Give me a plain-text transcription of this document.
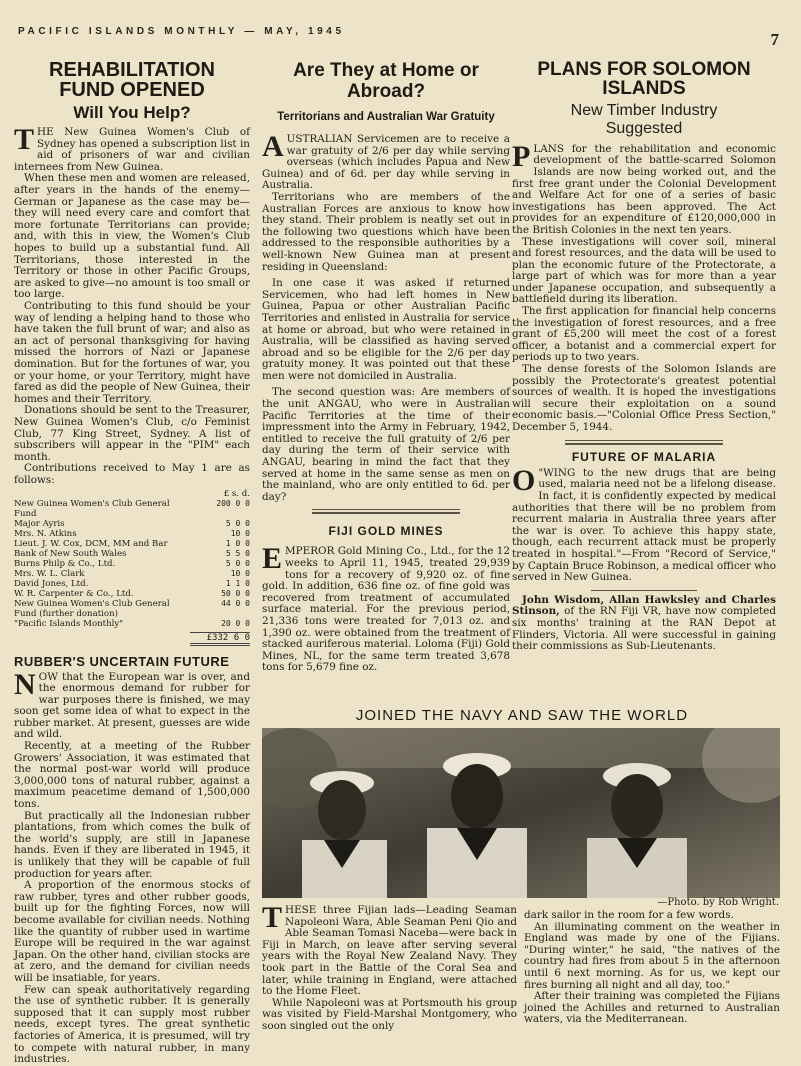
PACIFIC ISLANDS MONTHLY — MAY, 1945	7
REHABILITATION
FUND OPENED
Will You Help?

THE New Guinea Women's Club of Sydney has opened a subscription list in aid of prisoners of war and civilian internees from New Guinea.

When these men and women are released, after years in the hands of the enemy—German or Japanese as the case may be—they will need every care and comfort that more fortunate Territorians can provide; and, with this in view, the Women's Club hopes to build up a substantial fund. All Territorians, those interested in the Territory or those in other Pacific Groups, are asked to give—no amount is too small or too large.

Contributing to this fund should be your way of lending a helping hand to those who have taken the full brunt of war; and also as an act of personal thanksgiving for having missed the horrors of Nazi or Japanese domination. But for the fortunes of war, you or your home, or your Territory, might have fared as did the people of New Guinea, their homes and their Territory.

Donations should be sent to the Treasurer, New Guinea Women's Club, c/o Feminist Club, 77 King Street, Sydney. A list of subscribers will appear in the "PIM" each month.

Contributions received to May 1 are as follows:

£ s. d.
New Guinea Women's Club General Fund	200 0 0
Major Ayris	5 0 0
Mrs. N. Atkins	10 0
Lieut. J. W. Cox, DCM, MM and Bar	1 0 0
Bank of New South Wales	5 5 0
Burns Philp & Co., Ltd.	5 0 0
Mrs. W. L. Clark	10 0
David Jones, Ltd.	1 1 0
W. R. Carpenter & Co., Ltd.	50 0 0
New Guinea Women's Club General Fund (further donation)	44 0 0
"Pacific Islands Monthly"	20 0 0
£332 6 0
RUBBER'S UNCERTAIN FUTURE

NOW that the European war is over, and the enormous demand for rubber for war purposes there is finished, we may soon get some idea of what to expect in the rubber market. At present, guesses are wide and wild.

Recently, at a meeting of the Rubber Growers' Association, it was estimated that the normal post-war world will produce 3,000,000 tons of natural rubber, against a maximum peacetime demand of 1,500,000 tons.

But practically all the Indonesian rubber plantations, from which comes the bulk of the world's supply, are still in Japanese hands. Even if they are liberated in 1945, it is unlikely that they will be capable of full production for years after.

A proportion of the enormous stocks of raw rubber, tyres and other rubber goods, built up for the fighting Forces, now will become available for civilian needs. Nothing like the quantity of rubber used in wartime Europe will be required in the war against Japan. On the other hand, civilian stocks are at zero, and the demand for civilian needs will be insatiable, for years.

Few can speak authoritatively regarding the use of synthetic rubber. It is generally supposed that it can supply most rubber needs, except tyres. The great synthetic factories of America, it is presumed, will try to compete with natural rubber, in many industries.

Are They at Home or Abroad?
Territorians and Australian War Gratuity

AUSTRALIAN Servicemen are to receive a war gratuity of 2/6 per day while serving overseas (which includes Papua and New Guinea) and of 6d. per day while serving in Australia.

Territorians who are members of the Australian Forces are anxious to know how they stand. Their problem is neatly set out in the following two questions which have been addressed to the responsible authorities by a well-known New Guinea man at present residing in Queensland:

In one case it was asked if returned Servicemen, who had left homes in New Guinea, Papua or other Australian Pacific Territories and enlisted in Australia for service at home or abroad, but who were retained in Australia, will be classified as having served abroad and so be eligible for the 2/6 per day gratuity money. It was pointed out that these men were not domiciled in Australia.

The second question was: Are members of the unit ANGAU, who were in Australian Pacific Territories at the time of their impressment into the Army in February, 1942, entitled to receive the full gratuity of 2/6 per day during the term of their service with ANGAU, bearing in mind the fact that they served at home in the same sense as men on the mainland, who are only entitled to 6d. per day?

FIJI GOLD MINES

EMPEROR Gold Mining Co., Ltd., for the 12 weeks to April 11, 1945, treated 29,939 tons for a recovery of 9,920 oz. of fine gold. In addition, 636 fine oz. of fine gold was recovered from treatment of accumulated surface material. For the previous period, 21,336 tons were treated for 7,013 oz. and 1,390 oz. were obtained from the treatment of stacked auriferous material. Loloma (Fiji) Gold Mines, NL, for the same term treated 3,678 tons for 5,679 fine oz.

PLANS FOR SOLOMON
ISLANDS
New Timber Industry
Suggested

PLANS for the rehabilitation and economic development of the battle-scarred Solomon Islands are now being worked out, and the first free grant under the Colonial Development and Welfare Act for one of a series of basic investigations has been approved. The Act provides for an expenditure of £120,000,000 in the British Colonies in the next ten years.

These investigations will cover soil, mineral and forest resources, and the data will be used to plan the economic future of the Protectorate, a large part of which was for more than a year under Japanese occupation, and subsequently a battlefield during its liberation.

The first application for financial help concerns the investigation of forest resources, and a free grant of £5,200 will meet the cost of a forest officer, a botanist and a commercial expert for periods up to two years.

The dense forests of the Solomon Islands are possibly the Protectorate's greatest potential sources of wealth. It is hoped the investigations will secure their exploitation on a sound economic basis.—"Colonial Office Press Section," December 5, 1944.

FUTURE OF MALARIA

O "WING to the new drugs that are being used, malaria need not be a lifelong disease. In fact, it is confidently expected by medical authorities that there will be no problem from recurrent malaria in Australia three years after the war is over. To achieve this happy state, though, each recurrent attack must be properly treated in hospital."—From "Record of Service," by Captain Bruce Robinson, a medical officer who served in New Guinea.

John Wisdom, Allan Hawksley and Charles Stinson, of the RN Fiji VR, have now completed six months' training at the RAN Depot at Flinders, Victoria. All were successful in gaining their commissions as Sub-Lieutenants.

JOINED THE NAVY AND SAW THE WORLD
—Photo. by Rob Wright.

THESE three Fijian lads—Leading Seaman Napoleoni Wara, Able Seaman Peni Qio and Able Seaman Tomasi Naceba—were back in Fiji in March, on leave after serving several years with the Royal New Zealand Navy. They took part in the Battle of the Coral Sea and later, while training in England, were attached to the Home Fleet.

While Napoleoni was at Portsmouth his group was visited by Field-Marshal Montgomery, who soon singled out the only

dark sailor in the room for a few words.

An illuminating comment on the weather in England was made by one of the Fijians. "During winter," he said, "the natives of the country had fires from about 5 in the afternoon until 6 next morning. As for us, we kept our fires burning all night and all day, too."

After their training was completed the Fijians joined the Achilles and returned to Australian waters, via the Mediterranean.
